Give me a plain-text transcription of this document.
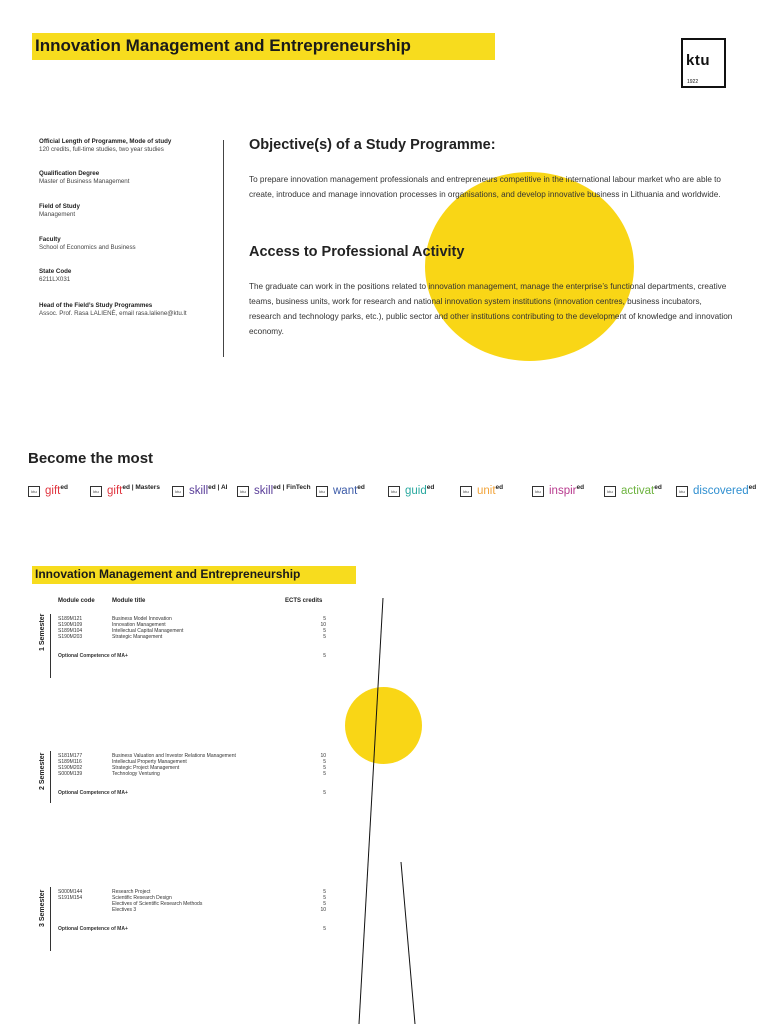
Innovation Management and Entrepreneurship
ktu
1922
Official Length of Programme, Mode of study
120 credits, full-time studies, two year studies
Qualification Degree
Master of Business Management
Field of Study
Management
Faculty
School of Economics and Business
State Code
6211LX031
Head of the Field’s Study Programmes
Assoc. Prof. Rasa LALIENĖ, email rasa.laliene@ktu.lt
Objective(s) of a Study Programme:
To prepare innovation management professionals and entrepreneurs competitive in the international labour market who are able to create, introduce and manage innovation processes in organisations, and develop innovative business in Lithuania and worldwide.
Access to Professional Activity
The graduate can work in the positions related to innovation management, manage the enterprise’s functional departments, creative teams, business units, work for research and national innovation system institutions (innovation centres, business incubators, research and technology parks, etc.), public sector and other institutions contributing to the development of knowledge and innovation economy.
Become the most
ktu gift$^{ed}$
ktu gift$^{ed | Masters}$
ktu skill$^{ed | AI}$
ktu skill$^{ed | FinTech}$
ktu want$^{ed}$
ktu guid$^{ed}$
ktu unit$^{ed}$
ktu inspir$^{ed}$
ktu activat$^{ed}$
ktu discovered$^{ed}$
Innovation Management and Entrepreneurship
Module code	Module title	ECTS credits
1 Semester S189M121	Business Model Innovation	5
S190M109	Innovation Management	10
S189M104	Intellectual Capital Management	5
S190M203	Strategic Management	5
Optional Competence of MA+	5
2 Semester S181M177	Business Valuation and Investor Relations Management	10
S189M116	Intellectual Property Management	5
S190M202	Strategic Project Management	5
S000M139	Technology Venturing	5
Optional Competence of MA+	5
3 Semester S000M144	Research Project	5
S191M154	Scientific Research Design	5
Electives of Scientific Research Methods	5
Electives 3	10
Optional Competence of MA+	5
